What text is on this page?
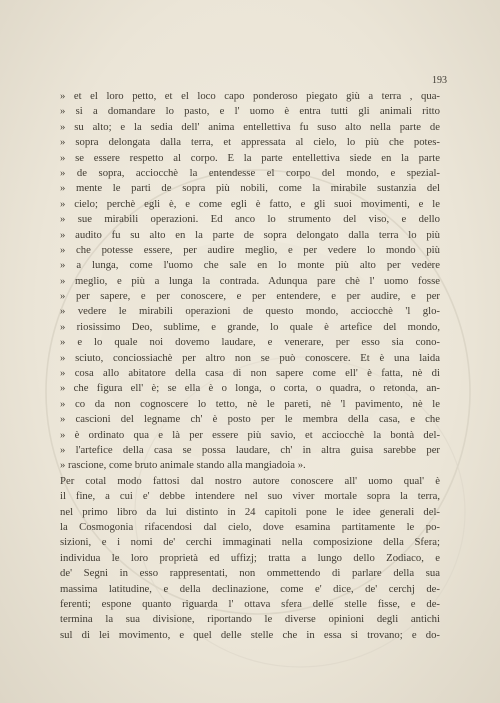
193

» et el loro petto, et el loco capo ponderoso piegato giù a terra , qua-
» si a domandare lo pasto, e l' uomo è entra tutti gli animali ritto
» su alto; e la sedia dell' anima entellettiva fu suso alto nella parte de
» sopra delongata dalla terra, et appressata al cielo, lo più che potes-
» se essere respetto al corpo. E la parte entellettiva siede en la parte
» de sopra, acciocchè la entendesse el corpo del mondo, e spezial-
» mente le parti de sopra più nobili, come la mirabile sustanzia del
» cielo; perchè egli è, e come egli è fatto, e gli suoi movimenti, e le
» sue mirabili operazioni. Ed anco lo strumento del viso, e dello
» audito fu su alto en la parte de sopra delongato dalla terra lo più
» che potesse essere, per audire meglio, e per vedere lo mondo più
» a lunga, come l'uomo che sale en lo monte più alto per vedere
» meglio, e più a lunga la contrada. Adunqua pare chè l' uomo fosse
» per sapere, e per conoscere, e per entendere, e per audire, e per
» vedere le mirabili operazioni de questo mondo, acciocchè 'l glo-
» riosissimo Deo, sublime, e grande, lo quale è artefice del mondo,
» e lo quale noi dovemo laudare, e venerare, per esso sia cono-
» sciuto, conciossiachè per altro non se può conoscere. Et è una laida
» cosa allo abitatore della casa di non sapere come ell' è fatta, nè di
» che figura ell' è; se ella è o longa, o corta, o quadra, o retonda, an-
» co da non cognoscere lo tetto, nè le pareti, nè 'l pavimento, nè le
» cascioni del legname ch' è posto per le membra della casa, e che
» è ordinato qua e là per essere più savio, et acciocchè la bontà del-
» l'artefice della casa se possa laudare, ch' in altra guisa sarebbe per
» rascione, come bruto animale stando alla mangiadoia ».
Per cotal modo fattosi dal nostro autore conoscere all' uomo qual' è
il fine, a cui e' debbe intendere nel suo viver mortale sopra la terra,
nel primo libro da lui distinto in 24 capitoli pone le idee generali del-
la Cosmogonia rifacendosi dal cielo, dove esamina partitamente le po-
sizioni, e i nomi de' cerchi immaginati nella composizione della Sfera;
individua le loro proprietà ed uffizj; tratta a lungo dello Zodiaco, e
de' Segni in esso rappresentati, non ommettendo di parlare della sua
massima latitudine, e della declinazione, come e' dice, de' cerchj de-
ferenti; espone quanto riguarda l' ottava sfera delle stelle fisse, e de-
termina la sua divisione, riportando le diverse opinioni degli antichi
sul di lei movimento, e quel delle stelle che in essa si trovano; e do-
